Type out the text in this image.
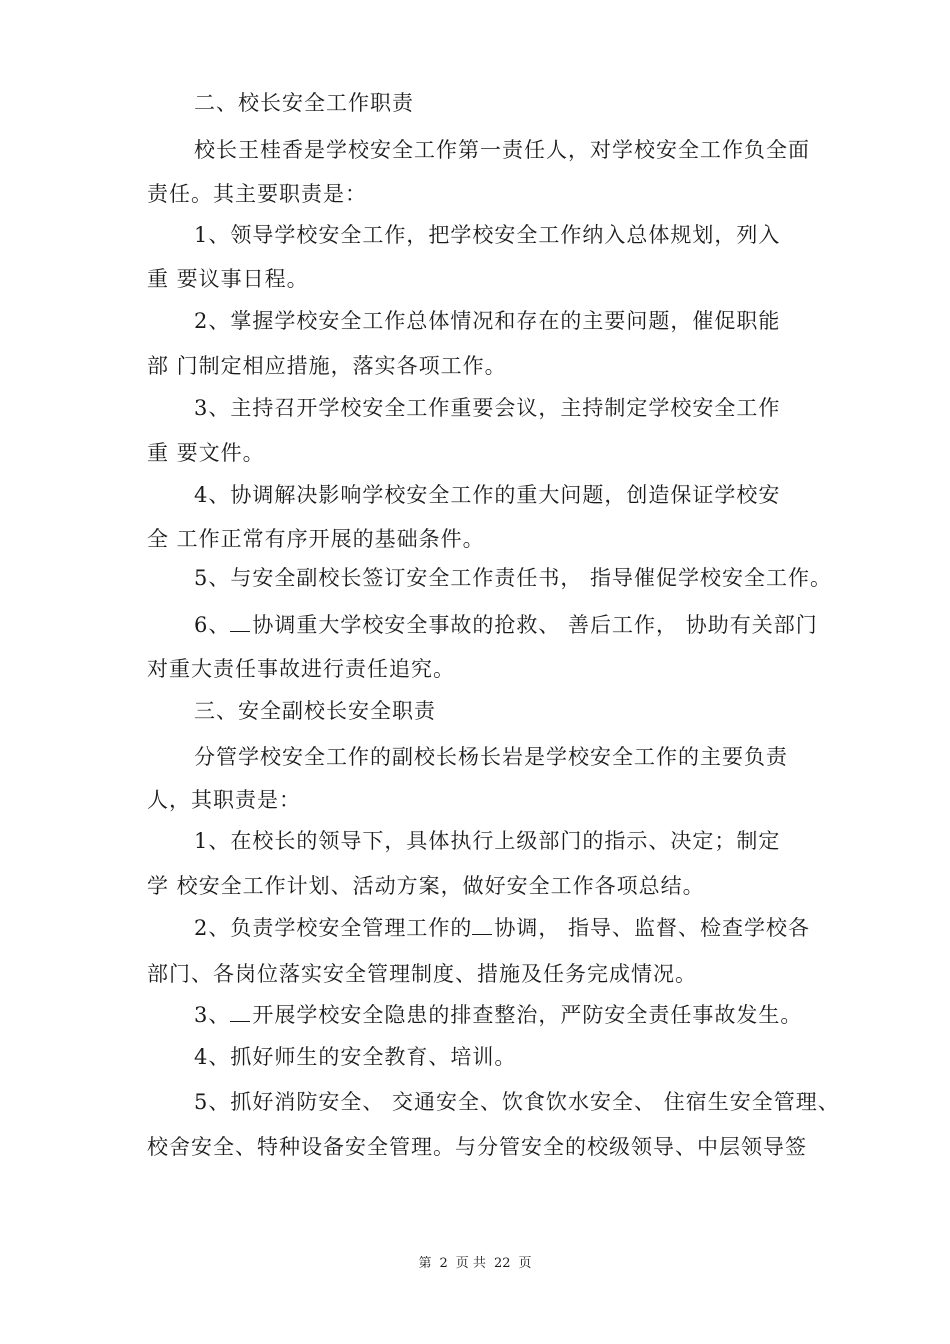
二、校长安全工作职责
校长王桂香是学校安全工作第一责任人，对学校安全工作负全面
责任。其主要职责是：
1、领导学校安全工作，把学校安全工作纳入总体规划，列入
重 要议事日程。
2、掌握学校安全工作总体情况和存在的主要问题，催促职能
部 门制定相应措施，落实各项工作。
3、主持召开学校安全工作重要会议，主持制定学校安全工作
重 要文件。
4、协调解决影响学校安全工作的重大问题，创造保证学校安
全 工作正常有序开展的基础条件。
5、与安全副校长签订安全工作责任书， 指导催促学校安全工作。
6、 协调重大学校安全事故的抢救、 善后工作， 协助有关部门
对重大责任事故进行责任追究。
三、安全副校长安全职责
分管学校安全工作的副校长杨长岩是学校安全工作的主要负责
人，其职责是：
1、在校长的领导下，具体执行上级部门的指示、决定；制定
学 校安全工作计划、活动方案，做好安全工作各项总结。
2、负责学校安全管理工作的 协调， 指导、监督、检查学校各
部门、各岗位落实安全管理制度、措施及任务完成情况。
3、 开展学校安全隐患的排查整治，严防安全责任事故发生。
4、抓好师生的安全教育、培训。
5、抓好消防安全、 交通安全、饮食饮水安全、 住宿生安全管理、
校舍安全、特种设备安全管理。与分管安全的校级领导、中层领导签
第 2 页 共 22 页
